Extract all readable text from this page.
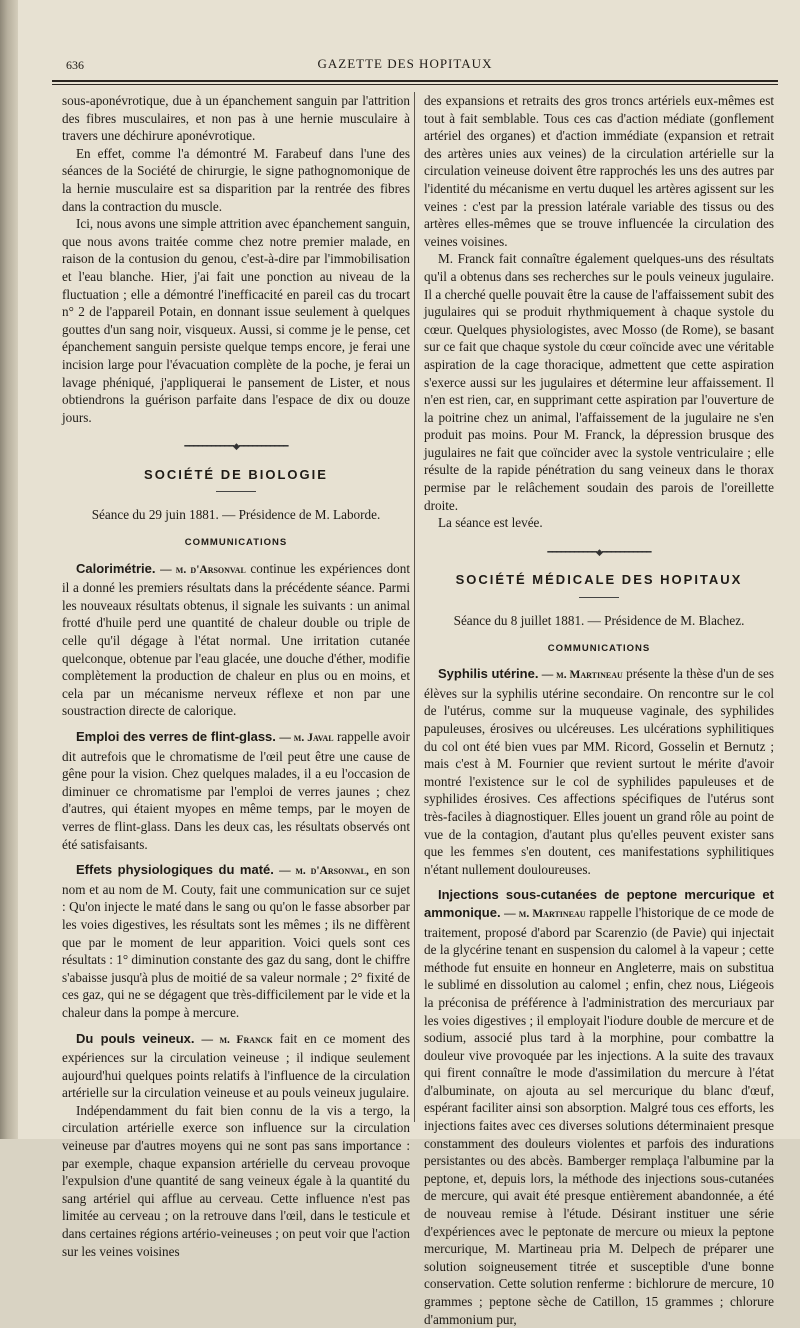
636	GAZETTE DES HOPITAUX

sous-aponévrotique, due à un épanchement sanguin par l'attrition des fibres musculaires, et non pas à une hernie musculaire à travers une déchirure aponévrotique.

En effet, comme l'a démontré M. Farabeuf dans l'une des séances de la Société de chirurgie, le signe pathognomonique de la hernie musculaire est sa disparition par la rentrée des fibres dans la contraction du muscle.

Ici, nous avons une simple attrition avec épanchement sanguin, que nous avons traitée comme chez notre premier malade, en raison de la contusion du genou, c'est-à-dire par l'immobilisation et l'eau blanche. Hier, j'ai fait une ponction au niveau de la fluctuation ; elle a démontré l'inefficacité en pareil cas du trocart n° 2 de l'appareil Potain, en donnant issue seulement à quelques gouttes d'un sang noir, visqueux. Aussi, si comme je le pense, cet épanchement sanguin persiste quelque temps encore, je ferai une incision large pour l'évacuation complète de la poche, je ferai un lavage phéniqué, j'appliquerai le pansement de Lister, et nous obtiendrons la guérison parfaite dans l'espace de dix ou douze jours.

━━━━━━━━━━━◆━━━━━━━━━━━
SOCIÉTÉ DE BIOLOGIE
Séance du 29 juin 1881. — Présidence de M. Laborde.
COMMUNICATIONS

Calorimétrie. — m. d'Arsonval continue les expériences dont il a donné les premiers résultats dans la précédente séance. Parmi les nouveaux résultats obtenus, il signale les suivants : un animal frotté d'huile perd une quantité de chaleur double ou triple de celle qu'il dégage à l'état normal. Une irritation cutanée quelconque, obtenue par l'eau glacée, une douche d'éther, modifie complètement la production de chaleur en plus ou en moins, et cela par un mécanisme nerveux réflexe et non par une soustraction directe de calorique.

Emploi des verres de flint-glass. — m. Javal rappelle avoir dit autrefois que le chromatisme de l'œil peut être une cause de gêne pour la vision. Chez quelques malades, il a eu l'occasion de diminuer ce chromatisme par l'emploi de verres jaunes ; chez d'autres, qui étaient myopes en même temps, par le moyen de verres de flint-glass. Dans les deux cas, les résultats observés ont été satisfaisants.

Effets physiologiques du maté. — m. d'Arsonval, en son nom et au nom de M. Couty, fait une communication sur ce sujet : Qu'on injecte le maté dans le sang ou qu'on le fasse absorber par les voies digestives, les résultats sont les mêmes ; ils ne diffèrent que par le moment de leur apparition. Voici quels sont ces résultats : 1° diminution constante des gaz du sang, dont le chiffre s'abaisse jusqu'à plus de moitié de sa valeur normale ; 2° fixité de ces gaz, qui ne se dégagent que très-difficilement par le vide et la chaleur dans la pompe à mercure.

Du pouls veineux. — m. Franck fait en ce moment des expériences sur la circulation veineuse ; il indique seulement aujourd'hui quelques points relatifs à l'influence de la circulation artérielle sur la circulation veineuse et au pouls veineux jugulaire.

Indépendamment du fait bien connu de la vis a tergo, la circulation artérielle exerce son influence sur la circulation veineuse par d'autres moyens qui ne sont pas sans importance : par exemple, chaque expansion artérielle du cerveau provoque l'expulsion d'une quantité de sang veineux égale à la quantité du sang artériel qui afflue au cerveau. Cette influence n'est pas limitée au cerveau ; on la retrouve dans l'œil, dans le testicule et dans certaines régions artério-veineuses ; on peut voir que l'action sur les veines voisines

des expansions et retraits des gros troncs artériels eux-mêmes est tout à fait semblable. Tous ces cas d'action médiate (gonflement artériel des organes) et d'action immédiate (expansion et retrait des artères unies aux veines) de la circulation artérielle sur la circulation veineuse doivent être rapprochés les uns des autres par l'identité du mécanisme en vertu duquel les artères agissent sur les veines : c'est par la pression latérale variable des tissus ou des artères elles-mêmes que se trouve influencée la circulation des veines voisines.

M. Franck fait connaître également quelques-uns des résultats qu'il a obtenus dans ses recherches sur le pouls veineux jugulaire. Il a cherché quelle pouvait être la cause de l'affaissement subit des jugulaires qui se produit rhythmiquement à chaque systole du cœur. Quelques physiologistes, avec Mosso (de Rome), se basant sur ce fait que chaque systole du cœur coïncide avec une véritable aspiration de la cage thoracique, admettent que cette aspiration s'exerce aussi sur les jugulaires et détermine leur affaissement. Il n'en est rien, car, en supprimant cette aspiration par l'ouverture de la poitrine chez un animal, l'affaissement de la jugulaire ne s'en produit pas moins. Pour M. Franck, la dépression brusque des jugulaires ne fait que coïncider avec la systole ventriculaire ; elle résulte de la rapide pénétration du sang veineux dans le thorax permise par le relâchement soudain des parois de l'oreillette droite.

La séance est levée.

━━━━━━━━━━━◆━━━━━━━━━━━
SOCIÉTÉ MÉDICALE DES HOPITAUX
Séance du 8 juillet 1881. — Présidence de M. Blachez.
COMMUNICATIONS

Syphilis utérine. — m. Martineau présente la thèse d'un de ses élèves sur la syphilis utérine secondaire. On rencontre sur le col de l'utérus, comme sur la muqueuse vaginale, des syphilides papuleuses, érosives ou ulcéreuses. Les ulcérations syphilitiques du col ont été bien vues par MM. Ricord, Gosselin et Bernutz ; mais c'est à M. Fournier que revient surtout le mérite d'avoir montré l'existence sur le col de syphilides papuleuses et de syphilides érosives. Ces affections spécifiques de l'utérus sont très-faciles à diagnostiquer. Elles jouent un grand rôle au point de vue de la contagion, d'autant plus qu'elles peuvent exister sans que les femmes s'en doutent, ces manifestations syphilitiques n'étant nullement douloureuses.

Injections sous-cutanées de peptone mercurique et ammonique. — m. Martineau rappelle l'historique de ce mode de traitement, proposé d'abord par Scarenzio (de Pavie) qui injectait de la glycérine tenant en suspension du calomel à la vapeur ; cette méthode fut ensuite en honneur en Angleterre, mais on substitua le sublimé en dissolution au calomel ; enfin, chez nous, Liégeois la préconisa de préférence à l'administration des mercuriaux par les voies digestives ; il employait l'iodure double de mercure et de sodium, associé plus tard à la morphine, pour combattre la douleur vive provoquée par les injections. A la suite des travaux qui firent connaître le mode d'assimilation du mercure à l'état d'albuminate, on ajouta au sel mercurique du blanc d'œuf, espérant faciliter ainsi son absorption. Malgré tous ces efforts, les injections faites avec ces diverses solutions déterminaient presque constamment des douleurs violentes et parfois des indurations persistantes ou des abcès. Bamberger remplaça l'albumine par la peptone, et, depuis lors, la méthode des injections sous-cutanées de mercure, qui avait été presque entièrement abandonnée, a été de nouveau remise à l'étude. Désirant instituer une série d'expériences avec le peptonate de mercure ou mieux la peptone mercurique, M. Martineau pria M. Delpech de préparer une solution soigneusement titrée et susceptible d'une bonne conservation. Cette solution renferme : bichlorure de mercure, 10 grammes ; peptone sèche de Catillon, 15 grammes ; chlorure d'ammonium pur,
